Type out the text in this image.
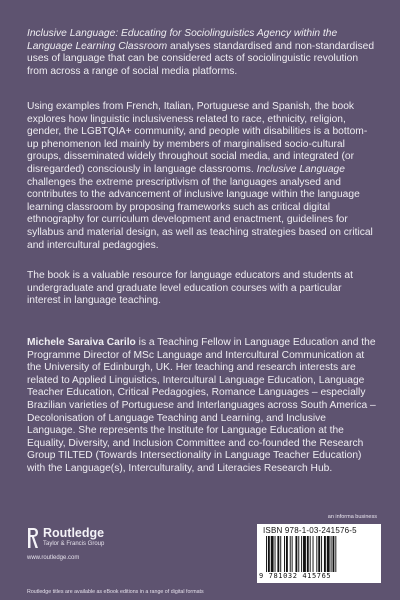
Inclusive Language: Educating for Sociolinguistics Agency within the Language Learning Classroom analyses standardised and non-standardised uses of language that can be considered acts of sociolinguistic revolution from across a range of social media platforms.

Using examples from French, Italian, Portuguese and Spanish, the book explores how linguistic inclusiveness related to race, ethnicity, religion, gender, the LGBTQIA+ community, and people with disabilities is a bottom-up phenomenon led mainly by members of marginalised socio-cultural groups, disseminated widely throughout social media, and integrated (or disregarded) consciously in language classrooms. Inclusive Language challenges the extreme prescriptivism of the languages analysed and contributes to the advancement of inclusive language within the language learning classroom by proposing frameworks such as critical digital ethnography for curriculum development and enactment, guidelines for syllabus and material design, as well as teaching strategies based on critical and intercultural pedagogies.

The book is a valuable resource for language educators and students at undergraduate and graduate level education courses with a particular interest in language teaching.

Michele Saraiva Carilo is a Teaching Fellow in Language Education and the Programme Director of MSc Language and Intercultural Communication at the University of Edinburgh, UK. Her teaching and research interests are related to Applied Linguistics, Intercultural Language Education, Language Teacher Education, Critical Pedagogies, Romance Languages – especially Brazilian varieties of Portuguese and Interlanguages across South America – Decolonisation of Language Teaching and Learning, and Inclusive Language. She represents the Institute for Language Education at the Equality, Diversity, and Inclusion Committee and co-founded the Research Group TILTED (Towards Intersectionality in Language Teacher Education) with the Language(s), Interculturality, and Literacies Research Hub.

Routledge
Taylor & Francis Group
www.routledge.com
an informa business
ISBN 978-1-03-241576-5
9 781032 415765
Routledge titles are available as eBook editions in a range of digital formats
